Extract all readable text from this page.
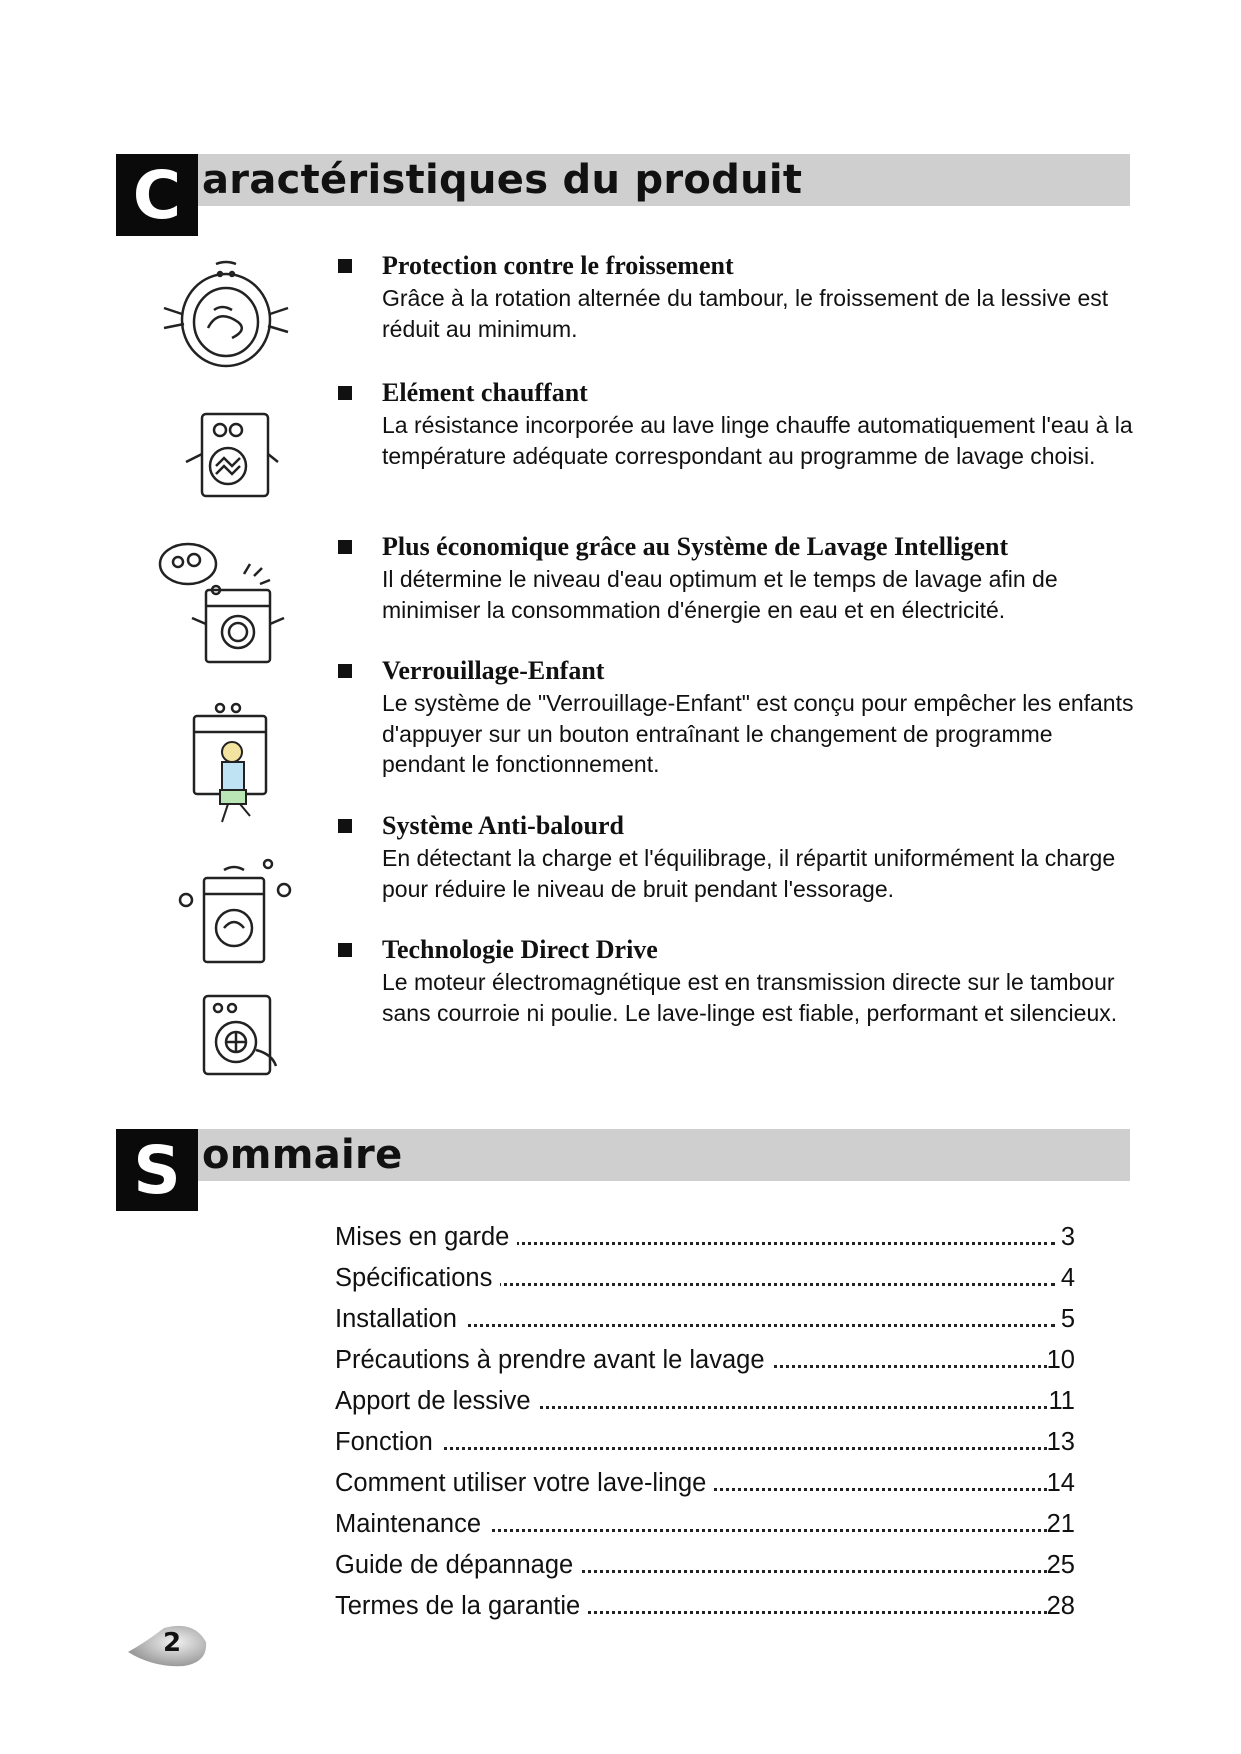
C aractéristiques du produit
Protection contre le froissement
Grâce à la rotation alternée du tambour, le froissement de la lessive est réduit au minimum.
Elément chauffant
La résistance incorporée au lave linge chauffe automatiquement l'eau à la température adéquate correspondant au programme de lavage choisi.
Plus économique grâce au Système de Lavage Intelligent
Il détermine le niveau d'eau optimum et le temps de lavage afin de minimiser la consommation d'énergie en eau et en électricité.
Verrouillage-Enfant
Le système de "Verrouillage-Enfant" est conçu pour empêcher les enfants d'appuyer sur un bouton entraînant le changement de programme pendant le fonctionnement.
Système Anti-balourd
En détectant la charge et l'équilibrage, il répartit uniformément la charge pour réduire le niveau de bruit pendant l'essorage.
Technologie Direct Drive
Le moteur électromagnétique est en transmission directe sur le tambour sans courroie ni poulie. Le lave-linge est fiable, performant et silencieux.
S ommaire
Mises en garde	3
Spécifications	4
Installation	5
Précautions à prendre avant le lavage	10
Apport de lessive	11
Fonction	13
Comment utiliser votre lave-linge	14
Maintenance	21
Guide de dépannage	25
Termes de la garantie	28
2
